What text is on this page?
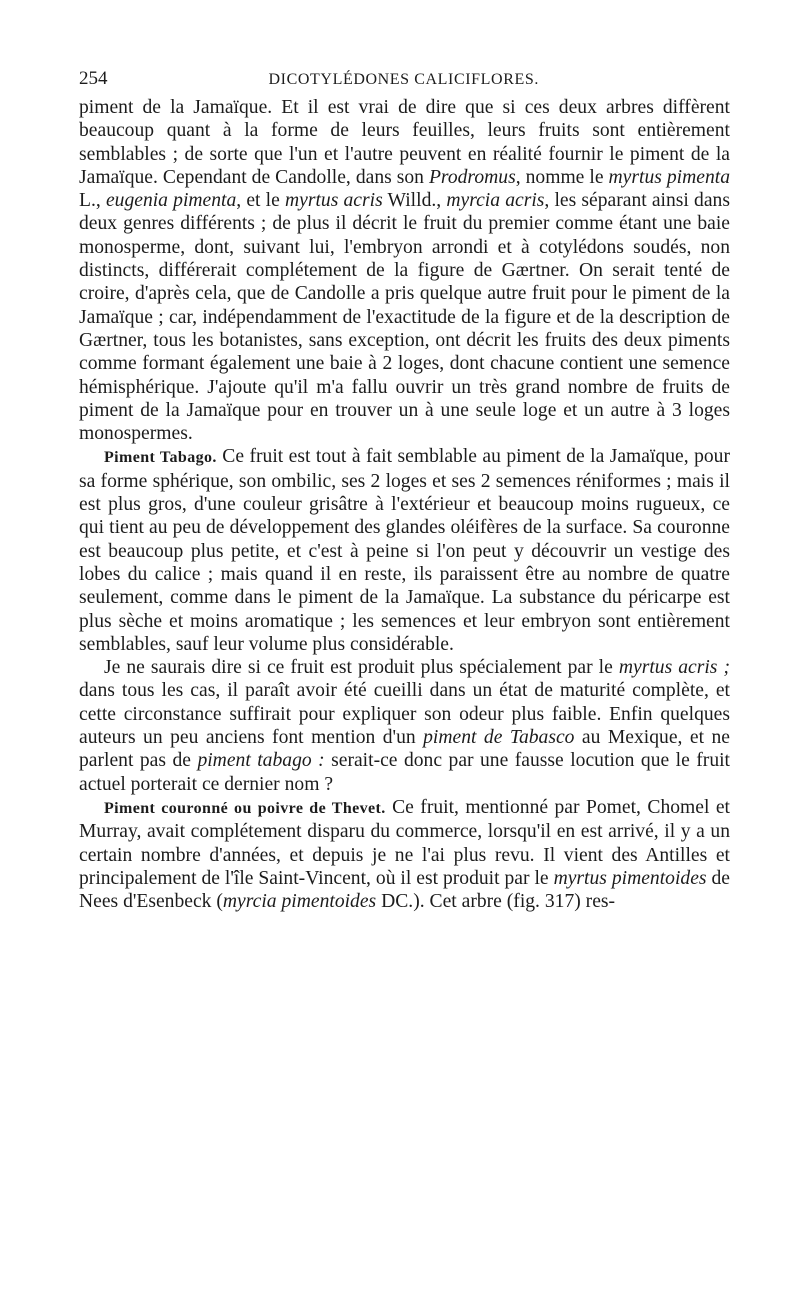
254	DICOTYLÉDONES CALICIFLORES.

piment de la Jamaïque. Et il est vrai de dire que si ces deux arbres diffèrent beaucoup quant à la forme de leurs feuilles, leurs fruits sont entièrement semblables ; de sorte que l'un et l'autre peuvent en réalité fournir le piment de la Jamaïque. Cependant de Candolle, dans son Prodromus, nomme le myrtus pimenta L., eugenia pimenta, et le myrtus acris Willd., myrcia acris, les séparant ainsi dans deux genres différents ; de plus il décrit le fruit du premier comme étant une baie monosperme, dont, suivant lui, l'embryon arrondi et à cotylédons soudés, non distincts, différerait complétement de la figure de Gærtner. On serait tenté de croire, d'après cela, que de Candolle a pris quelque autre fruit pour le piment de la Jamaïque ; car, indépendamment de l'exactitude de la figure et de la description de Gærtner, tous les botanistes, sans exception, ont décrit les fruits des deux piments comme formant également une baie à 2 loges, dont chacune contient une semence hémisphérique. J'ajoute qu'il m'a fallu ouvrir un très grand nombre de fruits de piment de la Jamaïque pour en trouver un à une seule loge et un autre à 3 loges monospermes.

Piment Tabago. Ce fruit est tout à fait semblable au piment de la Jamaïque, pour sa forme sphérique, son ombilic, ses 2 loges et ses 2 semences réniformes ; mais il est plus gros, d'une couleur grisâtre à l'extérieur et beaucoup moins rugueux, ce qui tient au peu de développement des glandes oléifères de la surface. Sa couronne est beaucoup plus petite, et c'est à peine si l'on peut y découvrir un vestige des lobes du calice ; mais quand il en reste, ils paraissent être au nombre de quatre seulement, comme dans le piment de la Jamaïque. La substance du péricarpe est plus sèche et moins aromatique ; les semences et leur embryon sont entièrement semblables, sauf leur volume plus considérable.

Je ne saurais dire si ce fruit est produit plus spécialement par le myrtus acris ; dans tous les cas, il paraît avoir été cueilli dans un état de maturité complète, et cette circonstance suffirait pour expliquer son odeur plus faible. Enfin quelques auteurs un peu anciens font mention d'un piment de Tabasco au Mexique, et ne parlent pas de piment tabago : serait-ce donc par une fausse locution que le fruit actuel porterait ce dernier nom ?

Piment couronné ou poivre de Thevet. Ce fruit, mentionné par Pomet, Chomel et Murray, avait complétement disparu du commerce, lorsqu'il en est arrivé, il y a un certain nombre d'années, et depuis je ne l'ai plus revu. Il vient des Antilles et principalement de l'île Saint-Vincent, où il est produit par le myrtus pimentoides de Nees d'Esenbeck (myrcia pimentoides DC.). Cet arbre (fig. 317) res-
